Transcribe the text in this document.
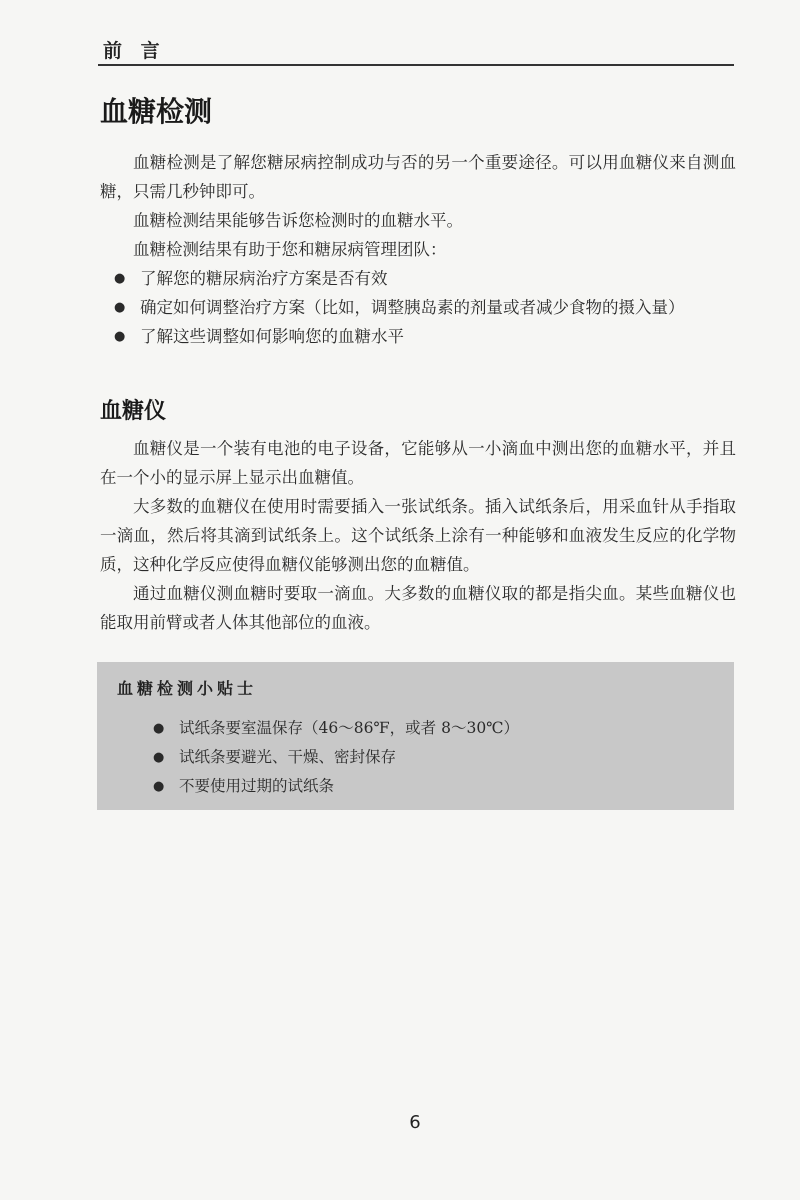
前 言
血糖检测

血糖检测是了解您糖尿病控制成功与否的另一个重要途径。可以用血糖仪来自测血糖，只需几秒钟即可。

血糖检测结果能够告诉您检测时的血糖水平。

血糖检测结果有助于您和糖尿病管理团队：

● 了解您的糖尿病治疗方案是否有效
● 确定如何调整治疗方案（比如，调整胰岛素的剂量或者减少食物的摄入量）
● 了解这些调整如何影响您的血糖水平
血糖仪

血糖仪是一个装有电池的电子设备，它能够从一小滴血中测出您的血糖水平，并且在一个小的显示屏上显示出血糖值。

大多数的血糖仪在使用时需要插入一张试纸条。插入试纸条后，用采血针从手指取一滴血，然后将其滴到试纸条上。这个试纸条上涂有一种能够和血液发生反应的化学物质，这种化学反应使得血糖仪能够测出您的血糖值。

通过血糖仪测血糖时要取一滴血。大多数的血糖仪取的都是指尖血。某些血糖仪也能取用前臂或者人体其他部位的血液。

血糖检测小贴士
● 试纸条要室温保存（46～86℉，或者 8～30℃）
● 试纸条要避光、干燥、密封保存
● 不要使用过期的试纸条
6
